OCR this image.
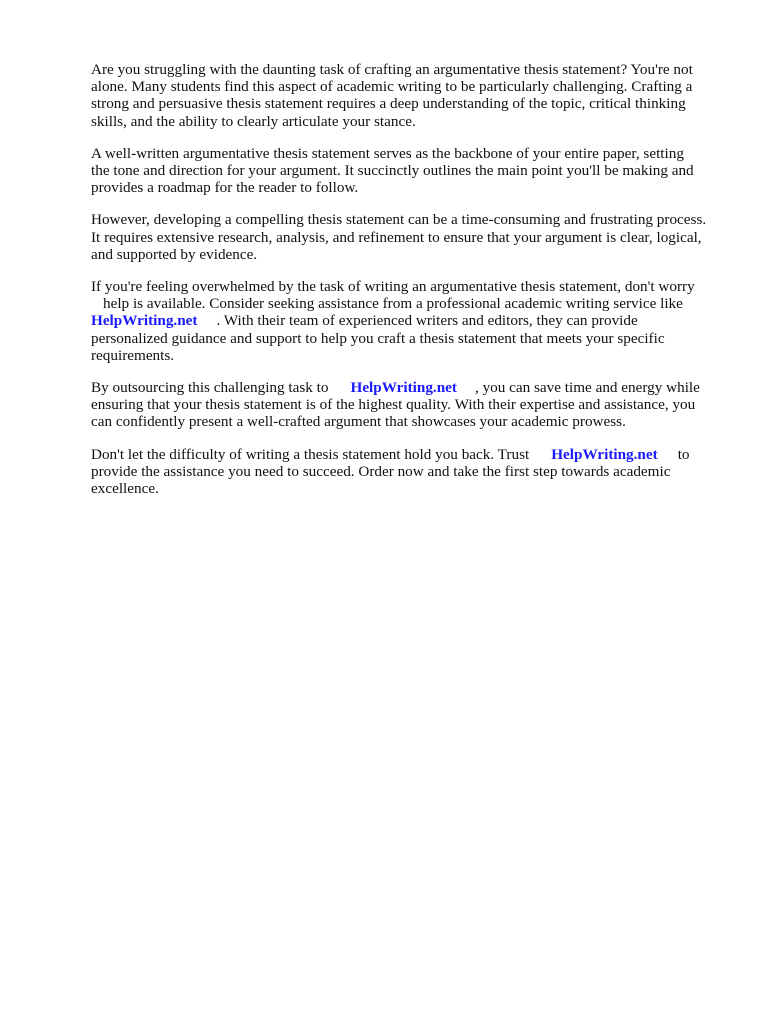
Are you struggling with the daunting task of crafting an argumentative thesis statement? You're not
alone. Many students find this aspect of academic writing to be particularly challenging. Crafting a
strong and persuasive thesis statement requires a deep understanding of the topic, critical thinking
skills, and the ability to clearly articulate your stance.

A well-written argumentative thesis statement serves as the backbone of your entire paper, setting
the tone and direction for your argument. It succinctly outlines the main point you'll be making and
provides a roadmap for the reader to follow.

However, developing a compelling thesis statement can be a time-consuming and frustrating process.
It requires extensive research, analysis, and refinement to ensure that your argument is clear, logical,
and supported by evidence.

If you're feeling overwhelmed by the task of writing an argumentative thesis statement, don't worry
help is available. Consider seeking assistance from a professional academic writing service like
HelpWriting.net . With their team of experienced writers and editors, they can provide
personalized guidance and support to help you craft a thesis statement that meets your specific
requirements.

By outsourcing this challenging task to HelpWriting.net , you can save time and energy while
ensuring that your thesis statement is of the highest quality. With their expertise and assistance, you
can confidently present a well-crafted argument that showcases your academic prowess.

Don't let the difficulty of writing a thesis statement hold you back. Trust HelpWriting.net to
provide the assistance you need to succeed. Order now and take the first step towards academic
excellence.
